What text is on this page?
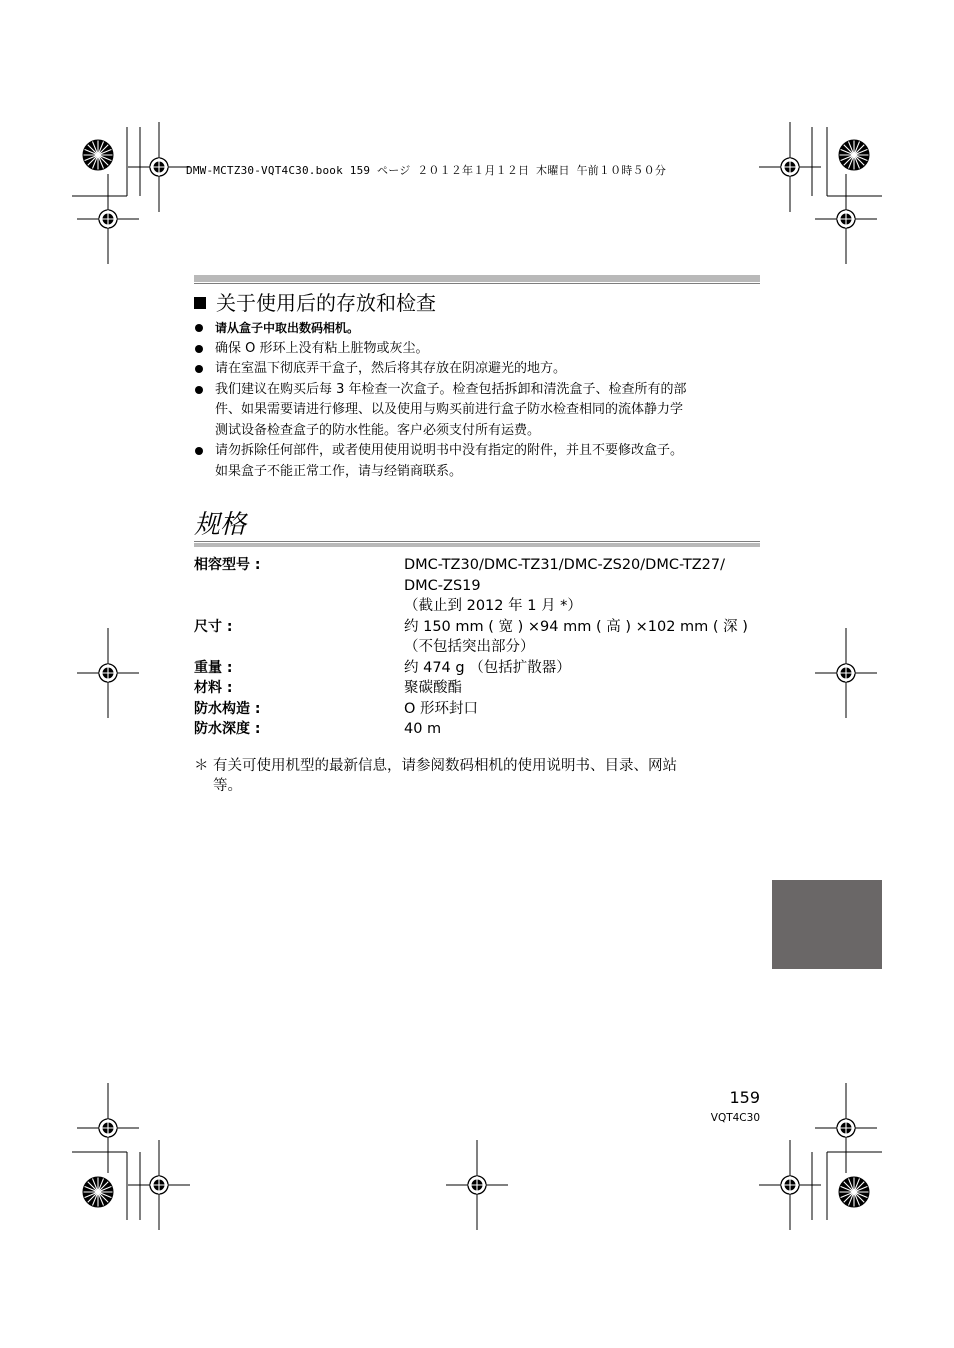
DMW-MCTZ30-VQT4C30.book 159 ページ ２０１２年１月１２日 木曜日 午前１０時５０分
关于使用后的存放和检查
请从盒子中取出数码相机。
确保 O 形环上没有粘上脏物或灰尘。
请在室温下彻底弄干盒子，然后将其存放在阴凉避光的地方。
我们建议在购买后每 3 年检查一次盒子。检查包括拆卸和清洗盒子、检查所有的部
件、如果需要请进行修理、以及使用与购买前进行盒子防水检查相同的流体静力学
测试设备检查盒子的防水性能。客户必须支付所有运费。
请勿拆除任何部件，或者使用使用说明书中没有指定的附件，并且不要修改盒子。
如果盒子不能正常工作，请与经销商联系。
规格
相容型号 :	DMC-TZ30/DMC-TZ31/DMC-ZS20/DMC-TZ27/
DMC-ZS19
（截止到 2012 年 1 月 *）
尺寸 :	约 150 mm ( 宽 ) ×94 mm ( 高 ) ×102 mm ( 深 )
（不包括突出部分）
重量 :	约 474 g （包括扩散器）
材料 :	聚碳酸酯
防水构造 :	O 形环封口
防水深度 :	40 m
＊ 有关可使用机型的最新信息，请参阅数码相机的使用说明书、目录、网站
等。
159
VQT4C30
